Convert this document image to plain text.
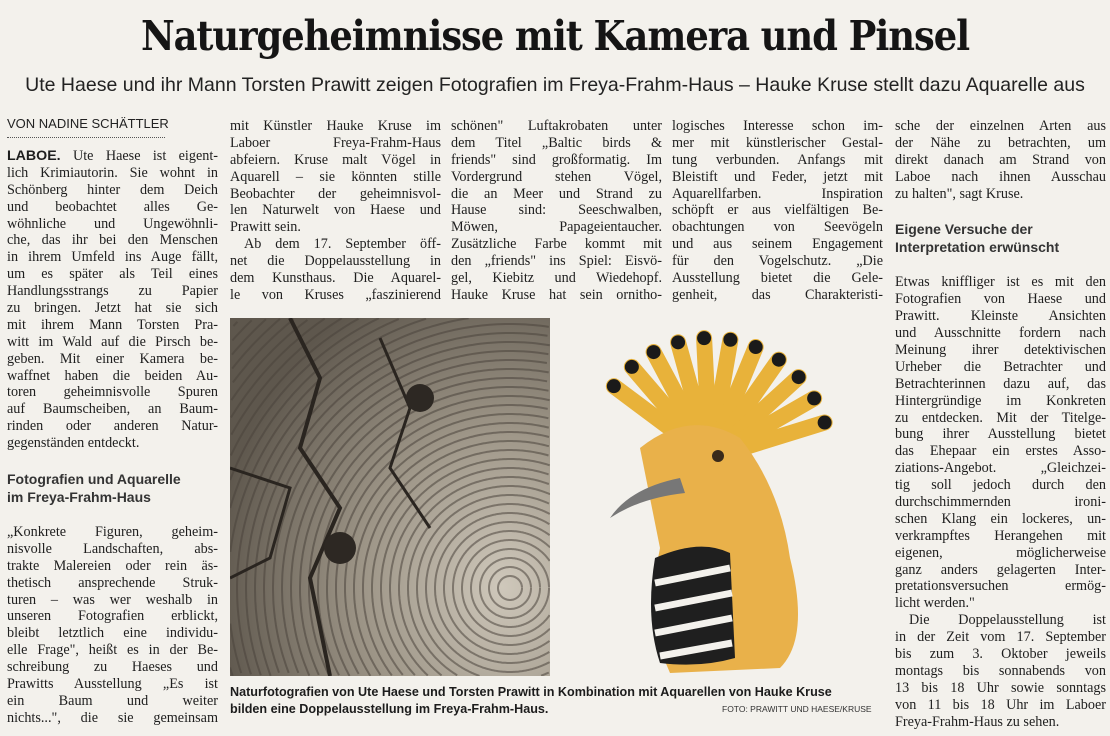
Naturgeheimnisse mit Kamera und Pinsel
Ute Haese und ihr Mann Torsten Prawitt zeigen Fotografien im Freya-Frahm-Haus – Hauke Kruse stellt dazu Aquarelle aus
VON NADINE SCHÄTTLER
LABOE. Ute Haese ist eigent-
lich Krimiautorin. Sie wohnt in
Schönberg hinter dem Deich
und beobachtet alles Ge-
wöhnliche und Ungewöhnli-
che, das ihr bei den Menschen
in ihrem Umfeld ins Auge fällt,
um es später als Teil eines
Handlungsstrangs zu Papier
zu bringen. Jetzt hat sie sich
mit ihrem Mann Torsten Pra-
witt im Wald auf die Pirsch be-
geben. Mit einer Kamera be-
waffnet haben die beiden Au-
toren geheimnisvolle Spuren
auf Baumscheiben, an Baum-
rinden oder anderen Natur-
gegenständen entdeckt.
Fotografien und Aquarelle
im Freya-Frahm-Haus
„Konkrete Figuren, geheim-
nisvolle Landschaften, abs-
trakte Malereien oder rein äs-
thetisch ansprechende Struk-
turen – was wer weshalb in
unseren Fotografien erblickt,
bleibt letztlich eine individu-
elle Frage", heißt es in der Be-
schreibung zu Haeses und
Prawitts Ausstellung „Es ist
ein Baum und weiter
nichts...", die sie gemeinsam
mit Künstler Hauke Kruse im
Laboer Freya-Frahm-Haus
abfeiern. Kruse malt Vögel in
Aquarell – sie könnten stille
Beobachter der geheimnisvol-
len Naturwelt von Haese und
Prawitt sein.
Ab dem 17. September öff-
net die Doppelausstellung in
dem Kunsthaus. Die Aquarel-
le von Kruses „faszinierend
schönen" Luftakrobaten unter
dem Titel „Baltic birds &
friends" sind großformatig. Im
Vordergrund stehen Vögel,
die an Meer und Strand zu
Hause sind: Seeschwalben,
Möwen, Papageientaucher.
Zusätzliche Farbe kommt mit
den „friends" ins Spiel: Eisvö-
gel, Kiebitz und Wiedehopf.
Hauke Kruse hat sein ornitho-
logisches Interesse schon im-
mer mit künstlerischer Gestal-
tung verbunden. Anfangs mit
Bleistift und Feder, jetzt mit
Aquarellfarben. Inspiration
schöpft er aus vielfältigen Be-
obachtungen von Seevögeln
und aus seinem Engagement
für den Vogelschutz. „Die
Ausstellung bietet die Gele-
genheit, das Charakteristi-
sche der einzelnen Arten aus
der Nähe zu betrachten, um
direkt danach am Strand von
Laboe nach ihnen Ausschau
zu halten", sagt Kruse.
Eigene Versuche der
Interpretation erwünscht
Etwas kniffliger ist es mit den
Fotografien von Haese und
Prawitt. Kleinste Ansichten
und Ausschnitte fordern nach
Meinung ihrer detektivischen
Urheber die Betrachter und
Betrachterinnen dazu auf, das
Hintergründige im Konkreten
zu entdecken. Mit der Titelge-
bung ihrer Ausstellung bietet
das Ehepaar ein erstes Asso-
ziations-Angebot. „Gleichzei-
tig soll jedoch durch den
durchschimmernden ironi-
schen Klang ein lockeres, un-
verkrampftes Herangehen mit
eigenen, möglicherweise
ganz anders gelagerten Inter-
pretationsversuchen ermög-
licht werden."
Die Doppelausstellung ist
in der Zeit vom 17. September
bis zum 3. Oktober jeweils
montags bis sonnabends von
13 bis 18 Uhr sowie sonntags
von 11 bis 18 Uhr im Laboer
Freya-Frahm-Haus zu sehen.
Naturfotografien von Ute Haese und Torsten Prawitt in Kombination mit Aquarellen von Hauke Kruse
bilden eine Doppelausstellung im Freya-Frahm-Haus.	FOTO: PRAWITT UND HAESE/KRUSE
